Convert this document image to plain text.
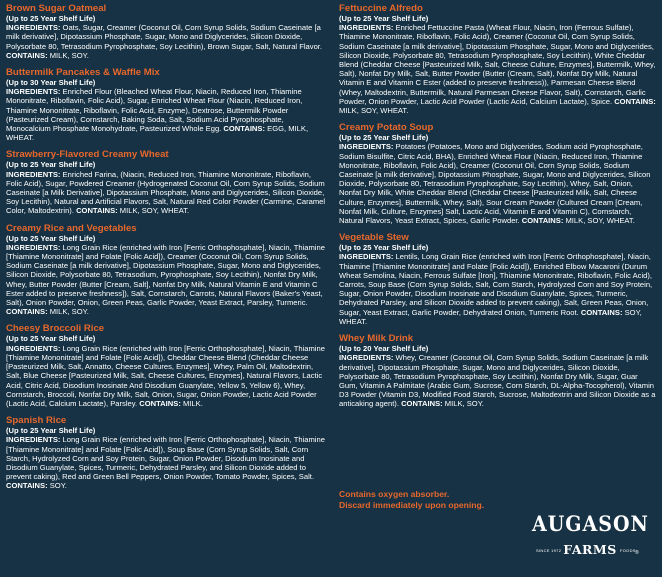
Brown Sugar Oatmeal
(Up to 25 Year Shelf Life)
INGREDIENTS: Oats, Sugar, Creamer (Coconut Oil, Corn Syrup Solids, Sodium Caseinate [a milk derivative], Dipotassium Phosphate, Sugar, Mono and Diglycerides, Silicon Dioxide, Polysorbate 80, Tetrasodium Pyrophosphate, Soy Lecithin), Brown Sugar, Salt, Natural Flavor. CONTAINS: MILK, SOY.
Buttermilk Pancakes & Waffle Mix
(Up to 30 Year Shelf Life)
INGREDIENTS: Enriched Flour (Bleached Wheat Flour, Niacin, Reduced Iron, Thiamine Mononitrate, Riboflavin, Folic Acid), Sugar, Enriched Wheat Flour (Niacin, Reduced Iron, Thiamine Mononitrate, Riboflavin, Folic Acid, Enzyme), Dextrose, Buttermilk Powder (Pasteurized Cream), Cornstarch, Baking Soda, Salt, Sodium Acid Pyrophosphate, Monocalcium Phosphate Monohydrate, Pasteurized Whole Egg. CONTAINS: EGG, MILK, WHEAT.
Strawberry-Flavored Creamy Wheat
(Up to 25 Year Shelf Life)
INGREDIENTS: Enriched Farina, (Niacin, Reduced Iron, Thiamine Mononitrate, Riboflavin, Folic Acid), Sugar, Powdered Creamer (Hydrogenated Coconut Oil, Corn Syrup Solids, Sodium Caseinate [a Milk Derivative], Dipotassium Phosphate, Mono and Diglycerides, Silicon Dioxide, Soy Lecithin), Natural and Artificial Flavors, Salt, Natural Red Color Powder (Carmine, Caramel Color, Maltodextrin). CONTAINS: MILK, SOY, WHEAT.
Creamy Rice and Vegetables
(Up to 25 Year Shelf Life)
INGREDIENTS: Long Grain Rice (enriched with Iron [Ferric Orthophosphate], Niacin, Thiamine [Thiamine Mononitrate] and Folate [Folic Acid]), Creamer (Coconut Oil, Corn Syrup Solids, Sodium Caseinate [a milk derivative], Dipotassium Phosphate, Sugar, Mono and Diglycerides, Silicon Dioxide, Polysorbate 80, Tetrasodium, Pyrophosphate, Soy Lecithin), Nonfat Dry Milk, Whey, Butter Powder (Butter [Cream, Salt], Nonfat Dry Milk, Natural Vitamin E and Vitamin C Ester added to preserve freshness]), Salt, Cornstarch, Carrots, Natural Flavors (Baker's Yeast, Salt), Onion Powder, Onion, Green Peas, Garlic Powder, Yeast Extract, Parsley, Turmeric. CONTAINS: MILK, SOY.
Cheesy Broccoli Rice
(Up to 25 Year Shelf Life)
INGREDIENTS: Long Grain Rice (enriched with Iron [Ferric Orthophosphate], Niacin, Thiamine [Thiamine Mononitrate] and Folate [Folic Acid]), Cheddar Cheese Blend (Cheddar Cheese [Pasteurized Milk, Salt, Annatto, Cheese Cultures, Enzymes], Whey, Palm Oil, Maltodextrin, Salt, Blue Cheese [Pasteurized Milk, Salt, Cheese Cultures, Enzymes], Natural Flavors, Lactic Acid, Citric Acid, Disodium Inosinate And Disodium Guanylate, Yellow 5, Yellow 6), Whey, Cornstarch, Broccoli, Nonfat Dry Milk, Salt, Onion, Sugar, Onion Powder, Lactic Acid Powder (Lactic Acid, Calcium Lactate), Parsley. CONTAINS: MILK.
Spanish Rice
(Up to 25 Year Shelf Life)
INGREDIENTS: Long Grain Rice (enriched with Iron [Ferric Orthophosphate], Niacin, Thiamine [Thiamine Mononitrate] and Folate [Folic Acid]), Soup Base (Corn Syrup Solids, Salt, Corn Starch, Hydrolyzed Corn and Soy Protein, Sugar, Onion Powder, Disodium Inosinate and Disodium Guanylate, Spices, Turmeric, Dehydrated Parsley, and Silicon Dioxide added to prevent caking), Red and Green Bell Peppers, Onion Powder, Tomato Powder, Spices, Salt. CONTAINS: SOY.
Fettuccine Alfredo
(Up to 25 Year Shelf Life)
INGREDIENTS: Enriched Fettuccine Pasta (Wheat Flour, Niacin, Iron (Ferrous Sulfate), Thiamine Mononitrate, Riboflavin, Folic Acid), Creamer (Coconut Oil, Corn Syrup Solids, Sodium Caseinate [a milk derivative], Dipotassium Phosphate, Sugar, Mono and Diglycerides, Silicon Dioxide, Polysorbate 80, Tetrasodium Pyrophosphate, Soy Lecithin), White Cheddar Blend (Cheddar Cheese [Pasteurized Milk, Salt, Cheese Culture, Enzymes], Buttermilk, Whey, Salt), Nonfat Dry Milk, Salt, Butter Powder (Butter (Cream, Salt), Nonfat Dry Milk, Natural Vitamin E and Vitamin C Ester (added to preserve freshness)), Parmesan Cheese Blend (Whey, Maltodextrin, Buttermilk, Natural Parmesan Cheese Flavor, Salt), Cornstarch, Garlic Powder, Onion Powder, Lactic Acid Powder (Lactic Acid, Calcium Lactate), Spice. CONTAINS: MILK, SOY, WHEAT.
Creamy Potato Soup
(Up to 25 Year Shelf Life)
INGREDIENTS: Potatoes (Potatoes, Mono and Diglycerides, Sodium acid Pyrophosphate, Sodium Bisulfite, Citric Acid, BHA), Enriched Wheat Flour (Niacin, Reduced Iron, Thiamine Mononitrate, Riboflavin, Folic Acid), Creamer (Coconut Oil, Corn Syrup Solids, Sodium Caseinate [a milk derivative], Dipotassium Phosphate, Sugar, Mono and Diglycerides, Silicon Dioxide, Polysorbate 80, Tetrasodium Pyrophosphate, Soy Lecithin), Whey, Salt, Onion, Nonfat Dry Milk, White Cheddar Blend (Cheddar Cheese [Pasteurized Milk, Salt, Cheese Culture, Enzymes], Buttermilk, Whey, Salt), Sour Cream Powder (Cultured Cream [Cream, Nonfat Milk, Culture, Enzymes] Salt, Lactic Acid, Vitamin E and Vitamin C), Cornstarch, Natural Flavors, Yeast Extract, Spices, Garlic Powder. CONTAINS: MILK, SOY, WHEAT.
Vegetable Stew
(Up to 25 Year Shelf Life)
INGREDIENTS: Lentils, Long Grain Rice (enriched with Iron [Ferric Orthophosphate], Niacin, Thiamine [Thiamine Mononitrate] and Folate [Folic Acid]), Enriched Elbow Macaroni (Durum Wheat Semolina, Niacin, Ferrous Sulfate [Iron], Thiamine Mononitrate, Riboflavin, Folic Acid), Carrots, Soup Base (Corn Syrup Solids, Salt, Corn Starch, Hydrolyzed Corn and Soy Protein, Sugar, Onion Powder, Disodium Inosinate and Disodium Guanylate, Spices, Turmeric, Dehydrated Parsley, and Silicon Dioxide added to prevent caking), Salt, Green Peas, Onion, Sugar, Yeast Extract, Garlic Powder, Dehydrated Onion, Turmeric Root. CONTAINS: SOY, WHEAT.
Whey Milk Drink
(Up to 20 Year Shelf Life)
INGREDIENTS: Whey, Creamer (Coconut Oil, Corn Syrup Solids, Sodium Caseinate [a milk derivative], Dipotassium Phosphate, Sugar, Mono and Diglycerides, Silicon Dioxide, Polysorbate 80, Tetrasodium Pyrophosphate, Soy Lecithin), Nonfat Dry Milk, Sugar, Guar Gum, Vitamin A Palmitate (Arabic Gum, Sucrose, Corn Starch, DL-Alpha-Tocopherol), Vitamin D3 Powder (Vitamin D3, Modified Food Starch, Sucrose, Maltodextrin and Silicon Dioxide as a anticaking agent). CONTAINS: MILK, SOY.
Contains oxygen absorber.
Discard immediately upon opening.
AUGASON
SINCE 1972 FARMS FOODS ®
